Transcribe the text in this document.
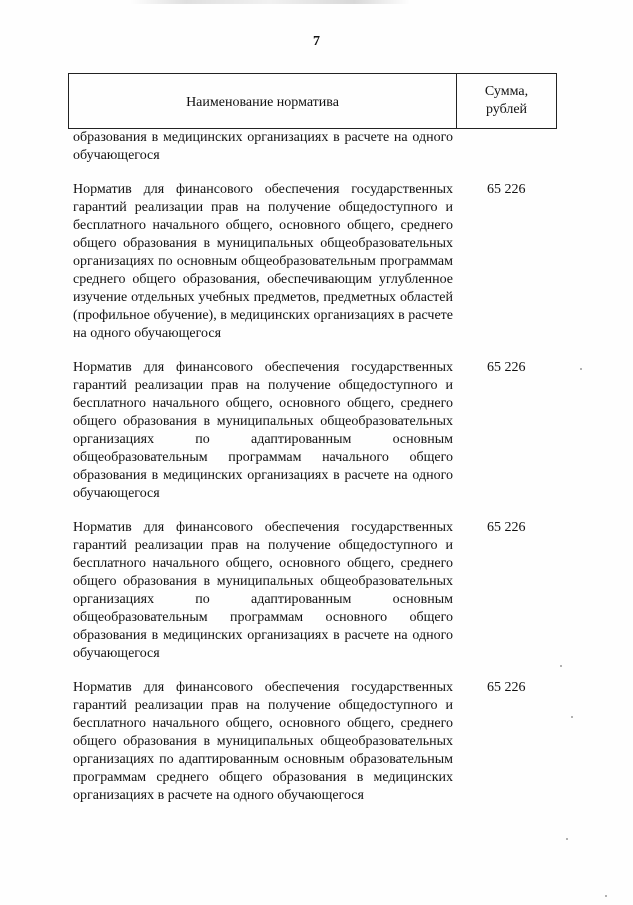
7
Наименование норматива
Сумма,
рублей
образования в медицинских организациях в расчете на одного обучающегося
Норматив для финансового обеспечения государственных гарантий реализации прав на получение общедоступного и бесплатного начального общего, основного общего, среднего общего образования в муниципальных общеобразовательных организациях по основным общеобразовательным программам среднего общего образования, обеспечивающим углубленное изучение отдельных учебных предметов, предметных областей (профильное обучение), в медицинских организациях в расчете на одного обучающегося
65 226
Норматив для финансового обеспечения государственных гарантий реализации прав на получение общедоступного и бесплатного начального общего, основного общего, среднего общего образования в муниципальных общеобразовательных организациях по адаптированным основным общеобразовательным программам начального общего образования в медицинских организациях в расчете на одного обучающегося
65 226
Норматив для финансового обеспечения государственных гарантий реализации прав на получение общедоступного и бесплатного начального общего, основного общего, среднего общего образования в муниципальных общеобразовательных организациях по адаптированным основным общеобразовательным программам основного общего образования в медицинских организациях в расчете на одного обучающегося
65 226
Норматив для финансового обеспечения государственных гарантий реализации прав на получение общедоступного и бесплатного начального общего, основного общего, среднего общего образования в муниципальных общеобразовательных организациях по адаптированным основным образовательным программам среднего общего образования в медицинских организациях в расчете на одного обучающегося
65 226
